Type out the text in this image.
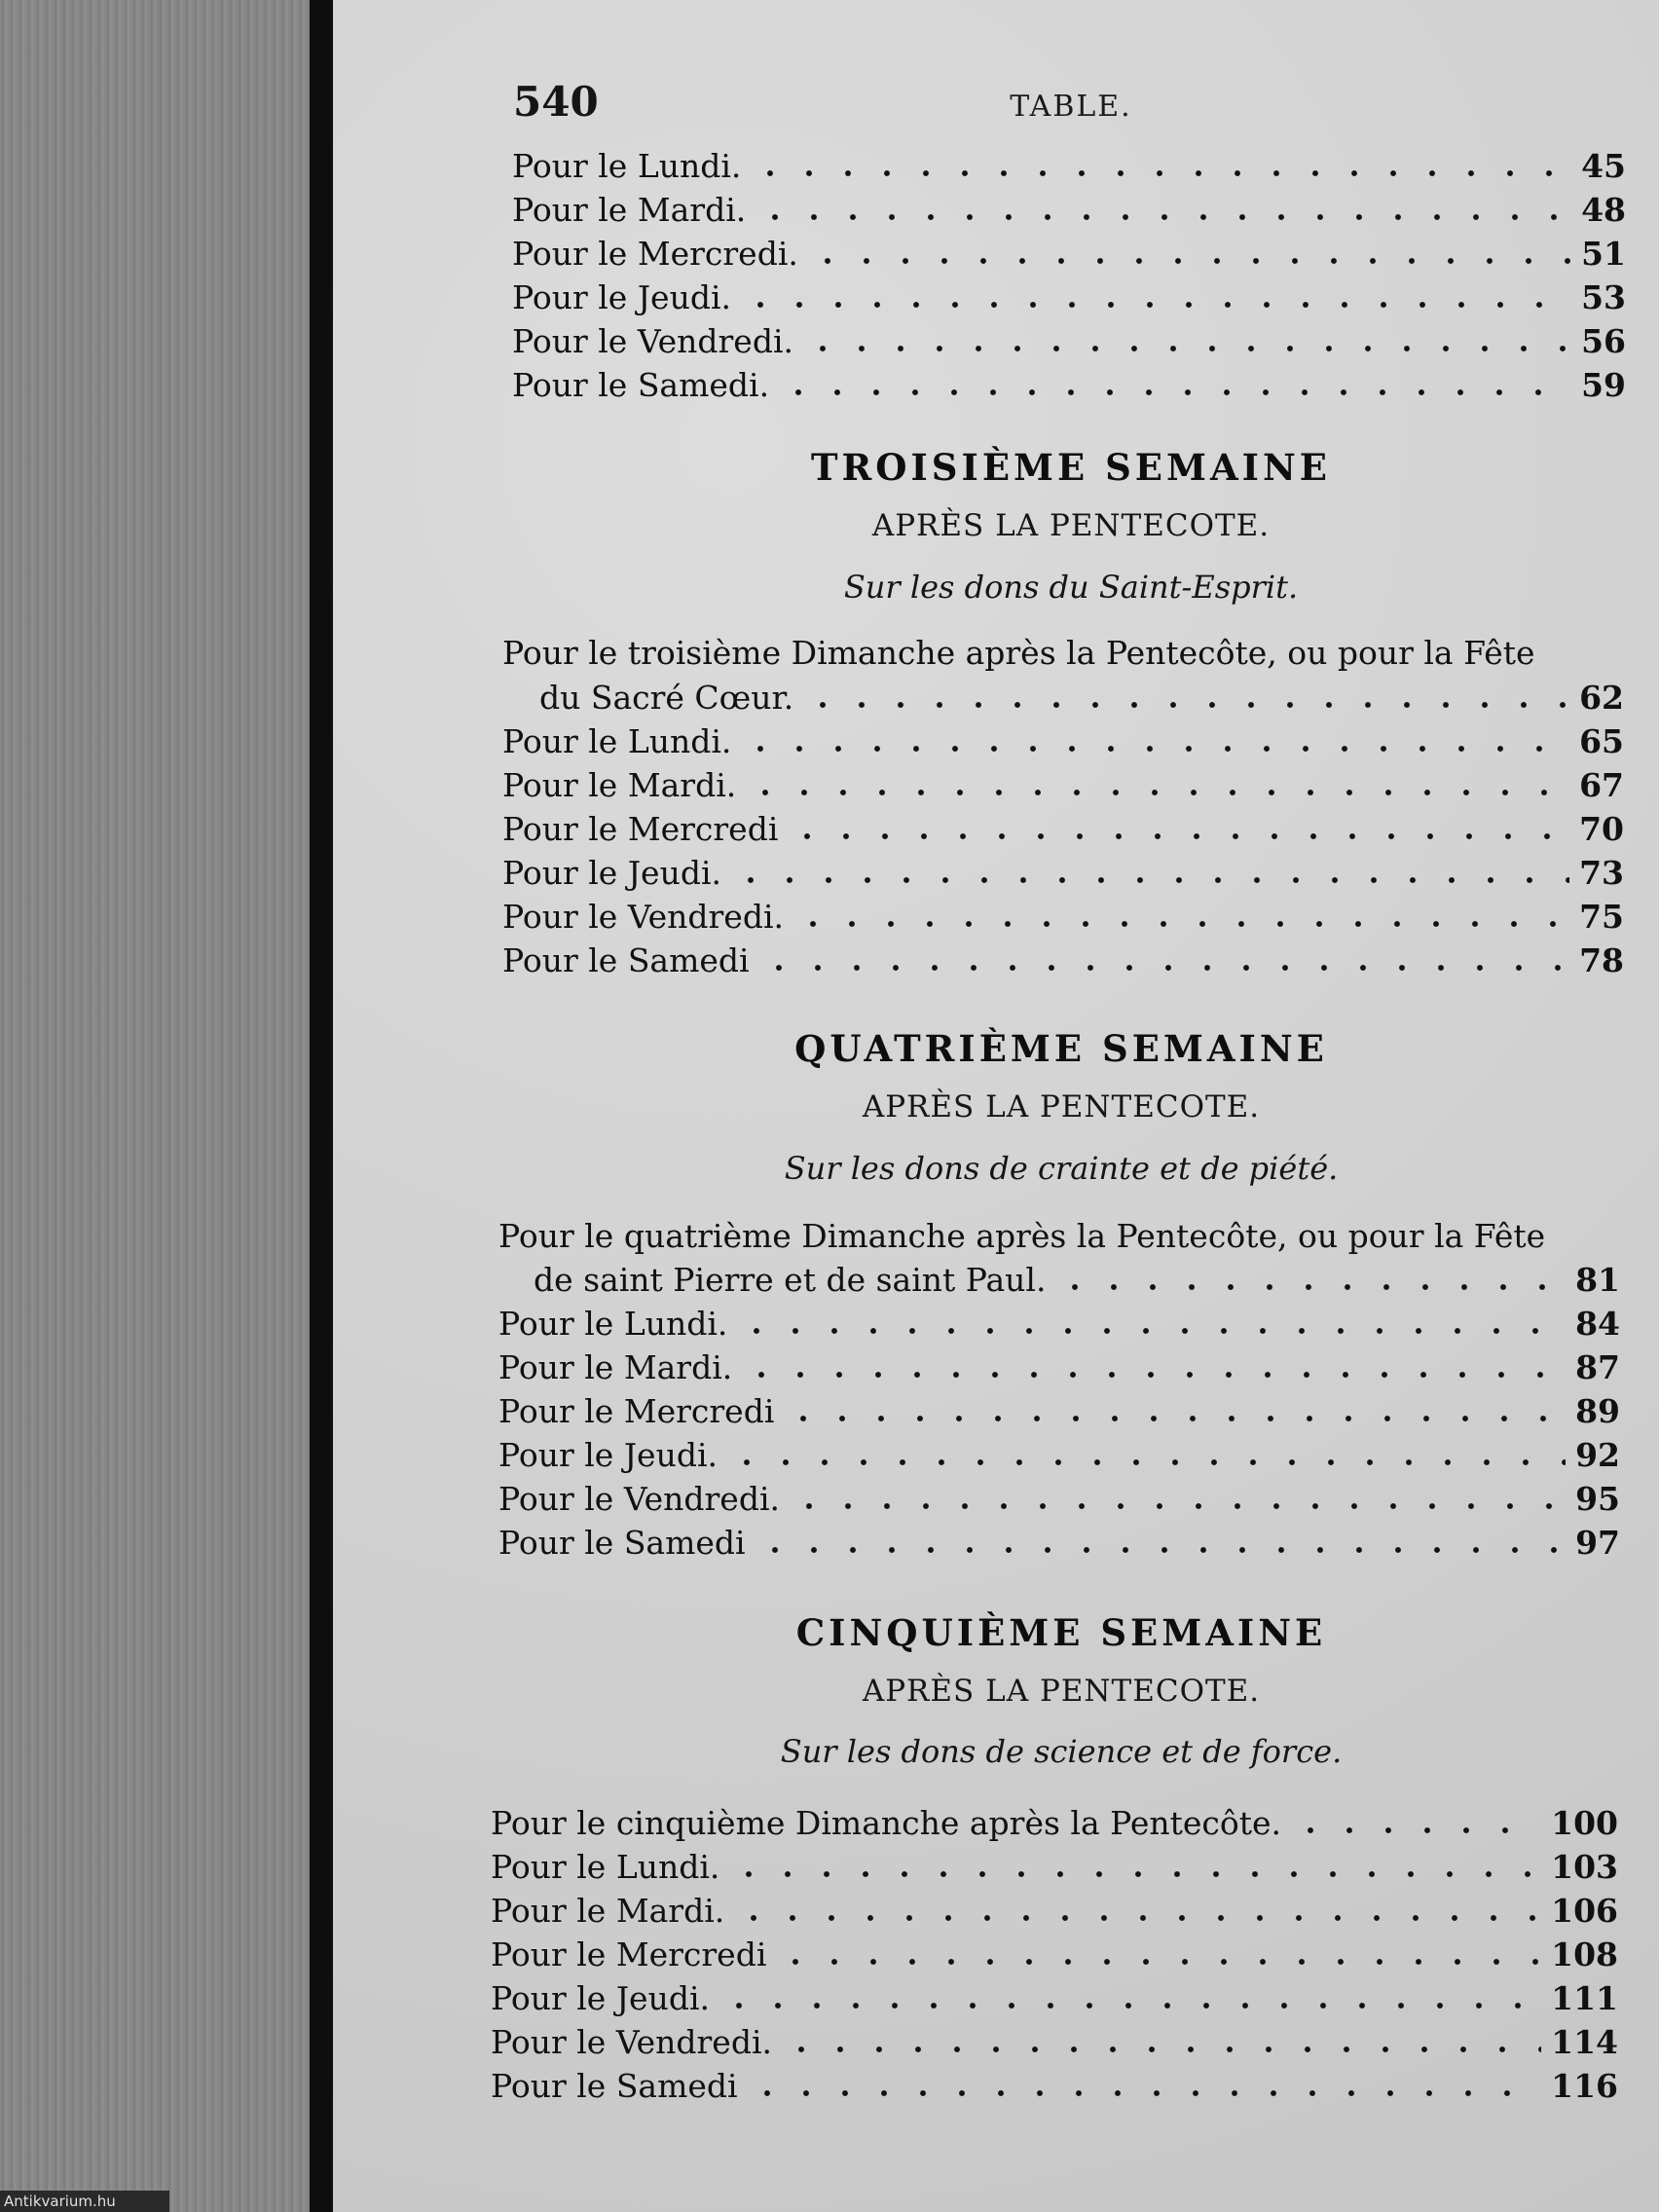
540	TABLE.
Pour le Lundi.	45
Pour le Mardi.	48
Pour le Mercredi.	51
Pour le Jeudi.	53
Pour le Vendredi.	56
Pour le Samedi.	59
TROISIÈME SEMAINE
APRÈS LA PENTECOTE.
Sur les dons du Saint-Esprit.
Pour le troisième Dimanche après la Pentecôte, ou pour la Fête
du Sacré Cœur.	62
Pour le Lundi.	65
Pour le Mardi.	67
Pour le Mercredi	70
Pour le Jeudi.	73
Pour le Vendredi.	75
Pour le Samedi	78
QUATRIÈME SEMAINE
APRÈS LA PENTECOTE.
Sur les dons de crainte et de piété.
Pour le quatrième Dimanche après la Pentecôte, ou pour la Fête
de saint Pierre et de saint Paul.	81
Pour le Lundi.	84
Pour le Mardi.	87
Pour le Mercredi	89
Pour le Jeudi.	92
Pour le Vendredi.	95
Pour le Samedi	97
CINQUIÈME SEMAINE
APRÈS LA PENTECOTE.
Sur les dons de science et de force.
Pour le cinquième Dimanche après la Pentecôte.	100
Pour le Lundi.	103
Pour le Mardi.	106
Pour le Mercredi	108
Pour le Jeudi.	111
Pour le Vendredi.	114
Pour le Samedi	116
Antikvarium.hu
